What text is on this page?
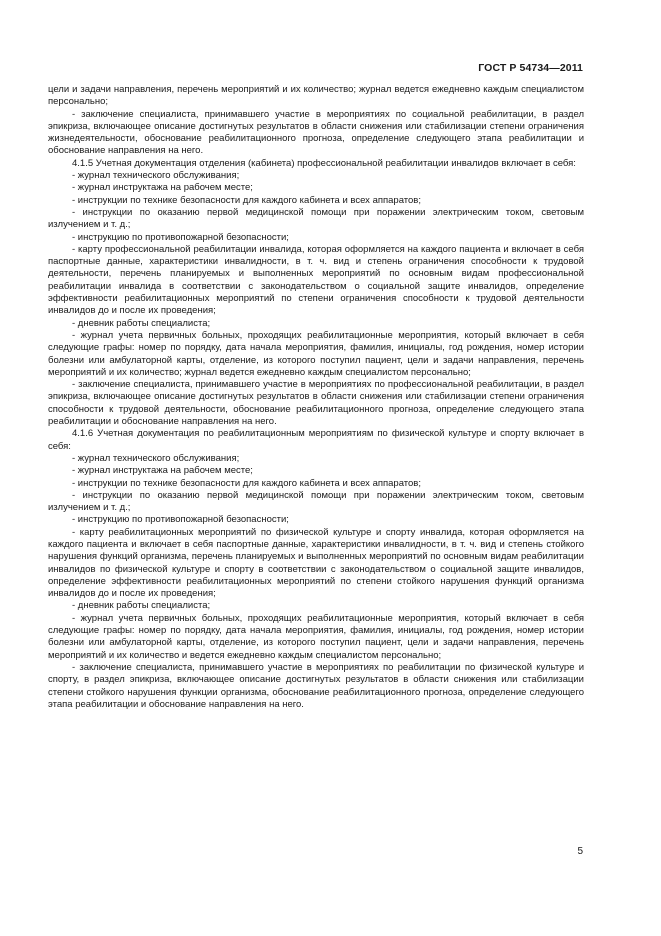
ГОСТ Р 54734—2011

цели и задачи направления, перечень мероприятий и их количество; журнал ведется ежедневно каждым специалистом персонально;

- заключение специалиста, принимавшего участие в мероприятиях по социальной реабилитации, в раздел эпикриза, включающее описание достигнутых результатов в области снижения или стабилизации степени ограничения жизнедеятельности, обоснование реабилитационного прогноза, определение следующего этапа реабилитации и обоснование направления на него.

4.1.5 Учетная документация отделения (кабинета) профессиональной реабилитации инвалидов включает в себя:

- журнал технического обслуживания;

- журнал инструктажа на рабочем месте;

- инструкции по технике безопасности для каждого кабинета и всех аппаратов;

- инструкции по оказанию первой медицинской помощи при поражении электрическим током, световым излучением и т. д.;

- инструкцию по противопожарной безопасности;

- карту профессиональной реабилитации инвалида, которая оформляется на каждого пациента и включает в себя паспортные данные, характеристики инвалидности, в т. ч. вид и степень ограничения способности к трудовой деятельности, перечень планируемых и выполненных мероприятий по основным видам профессиональной реабилитации инвалида в соответствии с законодательством о социальной защите инвалидов, определение эффективности реабилитационных мероприятий по степени ограничения способности к трудовой деятельности инвалидов до и после их проведения;

- дневник работы специалиста;

- журнал учета первичных больных, проходящих реабилитационные мероприятия, который включает в себя следующие графы: номер по порядку, дата начала мероприятия, фамилия, инициалы, год рождения, номер истории болезни или амбулаторной карты, отделение, из которого поступил пациент, цели и задачи направления, перечень мероприятий и их количество; журнал ведется ежедневно каждым специалистом персонально;

- заключение специалиста, принимавшего участие в мероприятиях по профессиональной реабилитации, в раздел эпикриза, включающее описание достигнутых результатов в области снижения или стабилизации степени ограничения способности к трудовой деятельности, обоснование реабилитационного прогноза, определение следующего этапа реабилитации и обоснование направления на него.

4.1.6 Учетная документация по реабилитационным мероприятиям по физической культуре и спорту включает в себя:

- журнал технического обслуживания;

- журнал инструктажа на рабочем месте;

- инструкции по технике безопасности для каждого кабинета и всех аппаратов;

- инструкции по оказанию первой медицинской помощи при поражении электрическим током, световым излучением и т. д.;

- инструкцию по противопожарной безопасности;

- карту реабилитационных мероприятий по физической культуре и спорту инвалида, которая оформляется на каждого пациента и включает в себя паспортные данные, характеристики инвалидности, в т. ч. вид и степень стойкого нарушения функций организма, перечень планируемых и выполненных мероприятий по основным видам реабилитации инвалидов по физической культуре и спорту в соответствии с законодательством о социальной защите инвалидов, определение эффективности реабилитационных мероприятий по степени стойкого нарушения функций организма инвалидов до и после их проведения;

- дневник работы специалиста;

- журнал учета первичных больных, проходящих реабилитационные мероприятия, который включает в себя следующие графы: номер по порядку, дата начала мероприятия, фамилия, инициалы, год рождения, номер истории болезни или амбулаторной карты, отделение, из которого поступил пациент, цели и задачи направления, перечень мероприятий и их количество и ведется ежедневно каждым специалистом персонально;

- заключение специалиста, принимавшего участие в мероприятиях по реабилитации по физической культуре и спорту, в раздел эпикриза, включающее описание достигнутых результатов в области снижения или стабилизации степени стойкого нарушения функции организма, обоснование реабилитационного прогноза, определение следующего этапа реабилитации и обоснование направления на него.

5
